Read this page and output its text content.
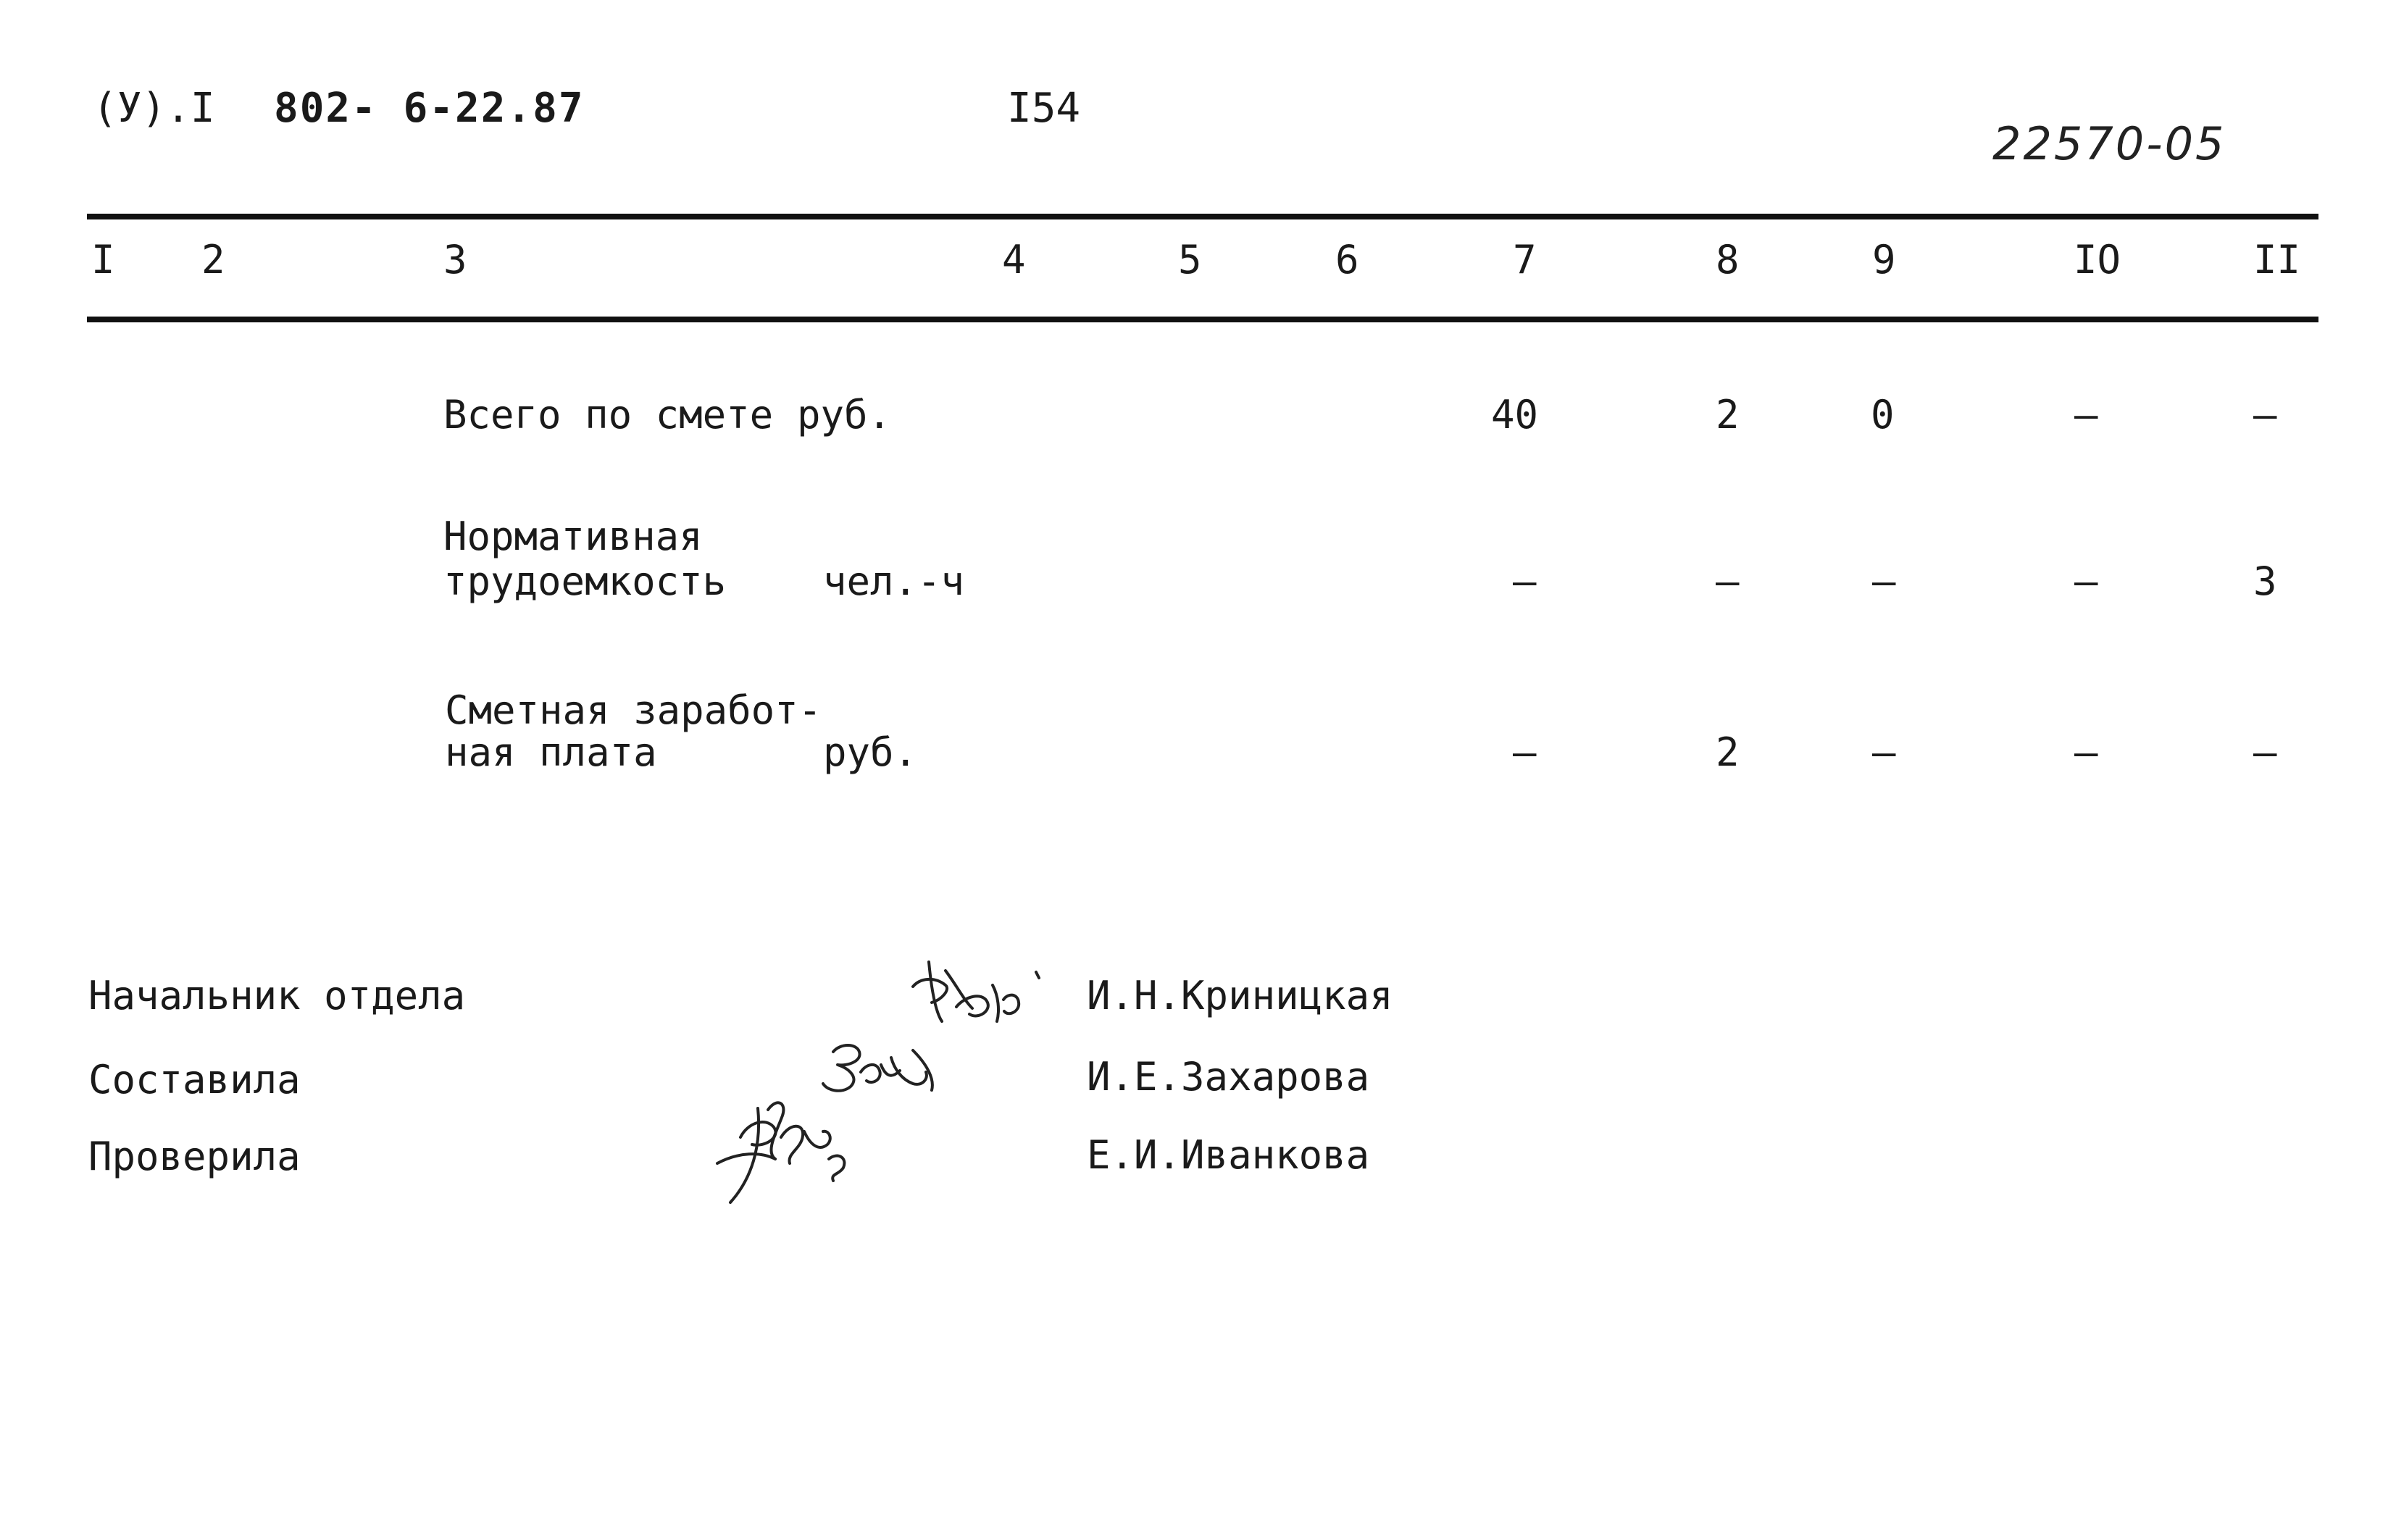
(У).I 802- 6-22.87	I54
22570-05
I 2	3	4	5	6	7	8	9	IO	II
Всего по смете руб.	40	2	0	–	–
Нормативная
трудоемкость чел.-ч	–	–	–	–	3
Сметная заработ-
ная плата	руб.	–	2	–	–	–
Начальник отдела
Составила
Проверила
И.Н.Криницкая
И.Е.Захарова
Е.И.Иванкова
